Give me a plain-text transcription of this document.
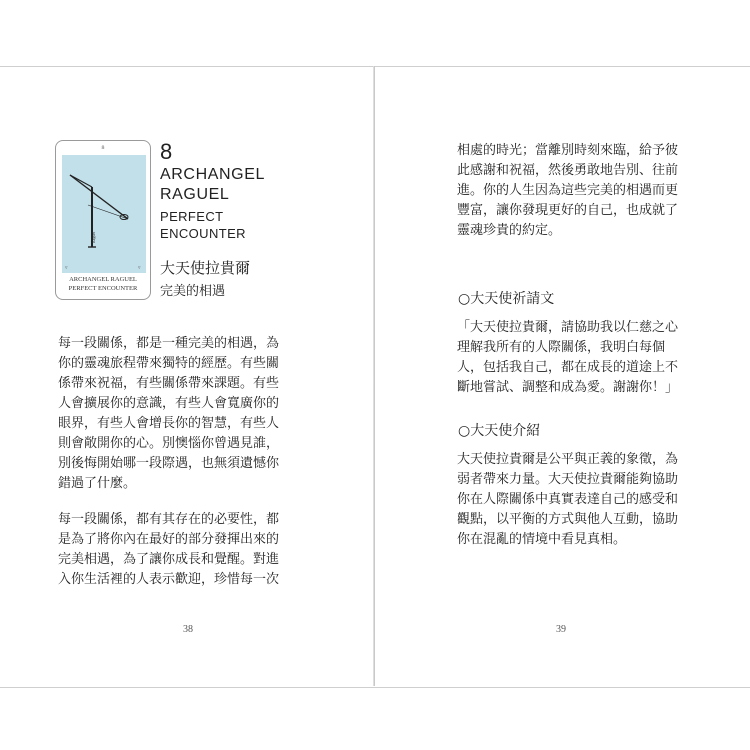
8
Raguel
▿	▿
ARCHANGEL RAGUEL
PERFECT ENCOUNTER
8
ARCHANGEL
RAGUEL
PERFECT
ENCOUNTER
大天使拉貴爾
完美的相遇
每一段關係，都是一種完美的相遇，為
你的靈魂旅程帶來獨特的經歷。有些關
係帶來祝福，有些關係帶來課題。有些
人會擴展你的意識，有些人會寬廣你的
眼界，有些人會增長你的智慧，有些人
則會敞開你的心。別懊惱你曾遇見誰，
別後悔開始哪一段際遇，也無須遺憾你
錯過了什麼。
每一段關係，都有其存在的必要性，都
是為了將你內在最好的部分發揮出來的
完美相遇，為了讓你成長和覺醒。對進
入你生活裡的人表示歡迎，珍惜每一次
38
相處的時光；當離別時刻來臨，給予彼
此感謝和祝福，然後勇敢地告別、往前
進。你的人生因為這些完美的相遇而更
豐富，讓你發現更好的自己，也成就了
靈魂珍貴的約定。
○大天使祈請文
「大天使拉貴爾，請協助我以仁慈之心
理解我所有的人際關係，我明白每個
人，包括我自己，都在成長的道途上不
斷地嘗試、調整和成為愛。謝謝你！」
○大天使介紹
大天使拉貴爾是公平與正義的象徵，為
弱者帶來力量。大天使拉貴爾能夠協助
你在人際關係中真實表達自己的感受和
觀點，以平衡的方式與他人互動，協助
你在混亂的情境中看見真相。
39
